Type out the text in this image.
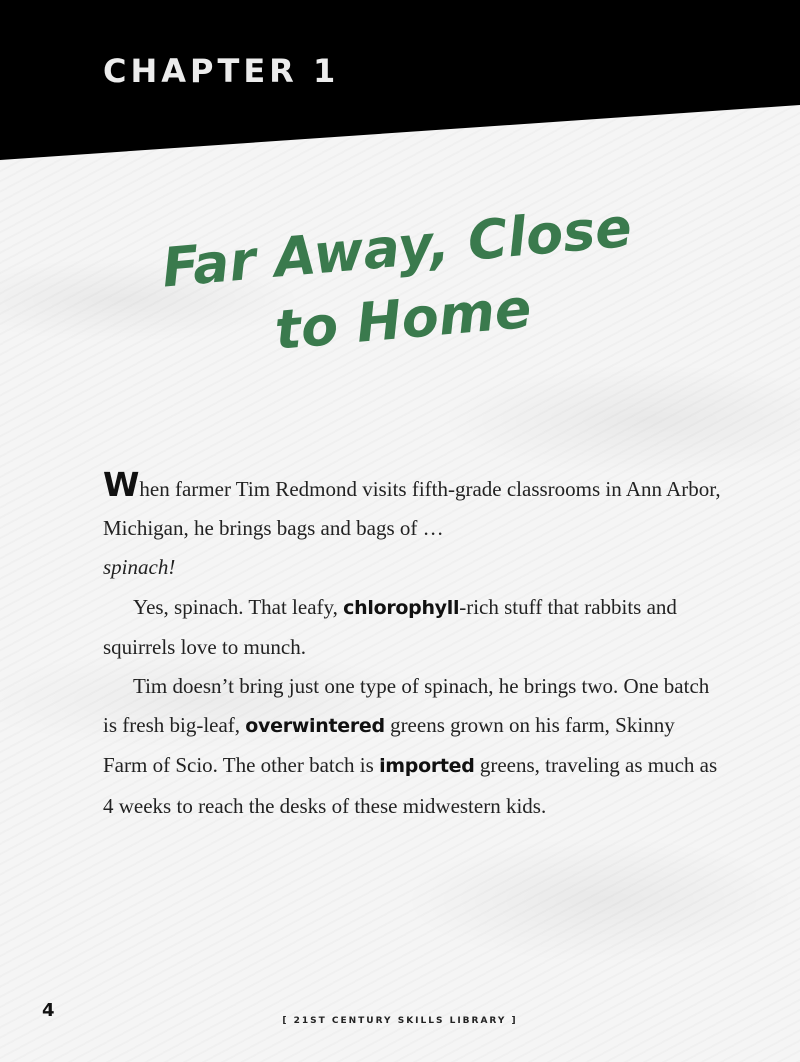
CHAPTER 1
Far Away, Close
to Home

When farmer Tim Redmond visits fifth-grade classrooms in Ann Arbor, Michigan, he brings bags and bags of …
spinach!

Yes, spinach. That leafy, chlorophyll-rich stuff that rabbits and squirrels love to munch.

Tim doesn’t bring just one type of spinach, he brings two. One batch is fresh big-leaf, overwintered greens grown on his farm, Skinny Farm of Scio. The other batch is imported greens, traveling as much as 4 weeks to reach the desks of these midwestern kids.

4	[ 21ST CENTURY SKILLS LIBRARY ]
